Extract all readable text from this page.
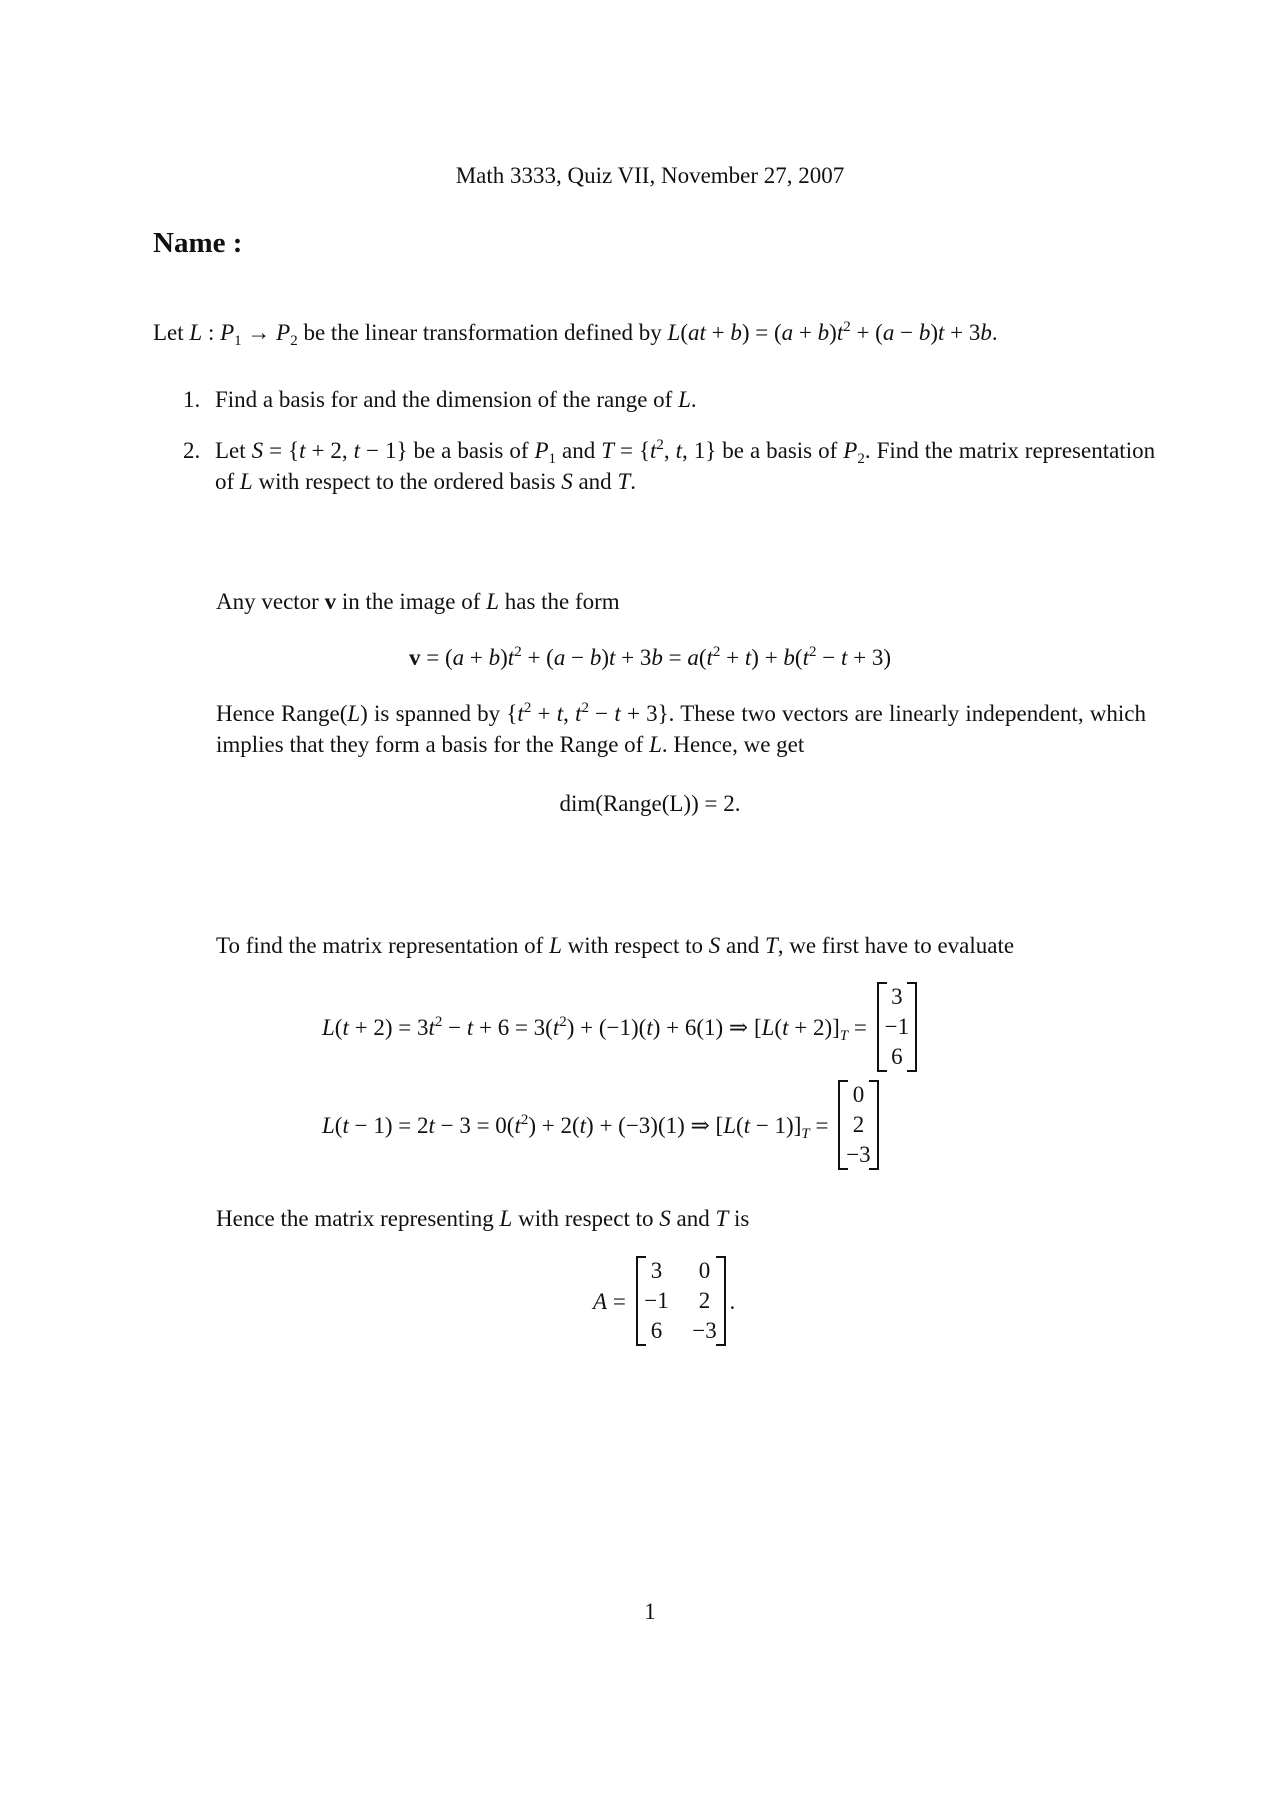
Math 3333, Quiz VII, November 27, 2007
Name :
Let L : $P_1 \to P_2$ be the linear transformation defined by $L(at + b) = (a + b)t^2 + (a - b)t + 3b$.
1. Find a basis for and the dimension of the range of L.
2. Let S = {t + 2, t − 1} be a basis of $P_1$ and $T = \{t^2$, t, 1} be a basis of $P_2$. Find the matrix representation of L with respect to the ordered basis S and T.
Any vector v in the image of L has the form
$v = (a + b)t^2 + (a - b)t + 3b = a(t^2 + t) + b(t^2 - t + 3)$
Hence Range(L) is spanned by {$t^2 + t$, $t^2 - t + 3$}. These two vectors are linearly independent, which implies that they form a basis for the Range of L. Hence, we get
dim(Range(L)) = 2.
To find the matrix representation of L with respect to S and T, we first have to evaluate
$L(t + 2) = 3t^2 - t + 6 = 3(t^2) + (-1)(t) + 6(1)$ ⇒ $[L(t + 2)]_T$ =
3
−1
6
$L(t - 1) = 2t - 3 = 0(t^2) + 2(t) + (-3)(1)$ ⇒ $[L(t - 1)]_T$ =
0
2
−3
Hence the matrix representing L with respect to S and T is
A =
3
−1
6
0
2
−3
.
1
